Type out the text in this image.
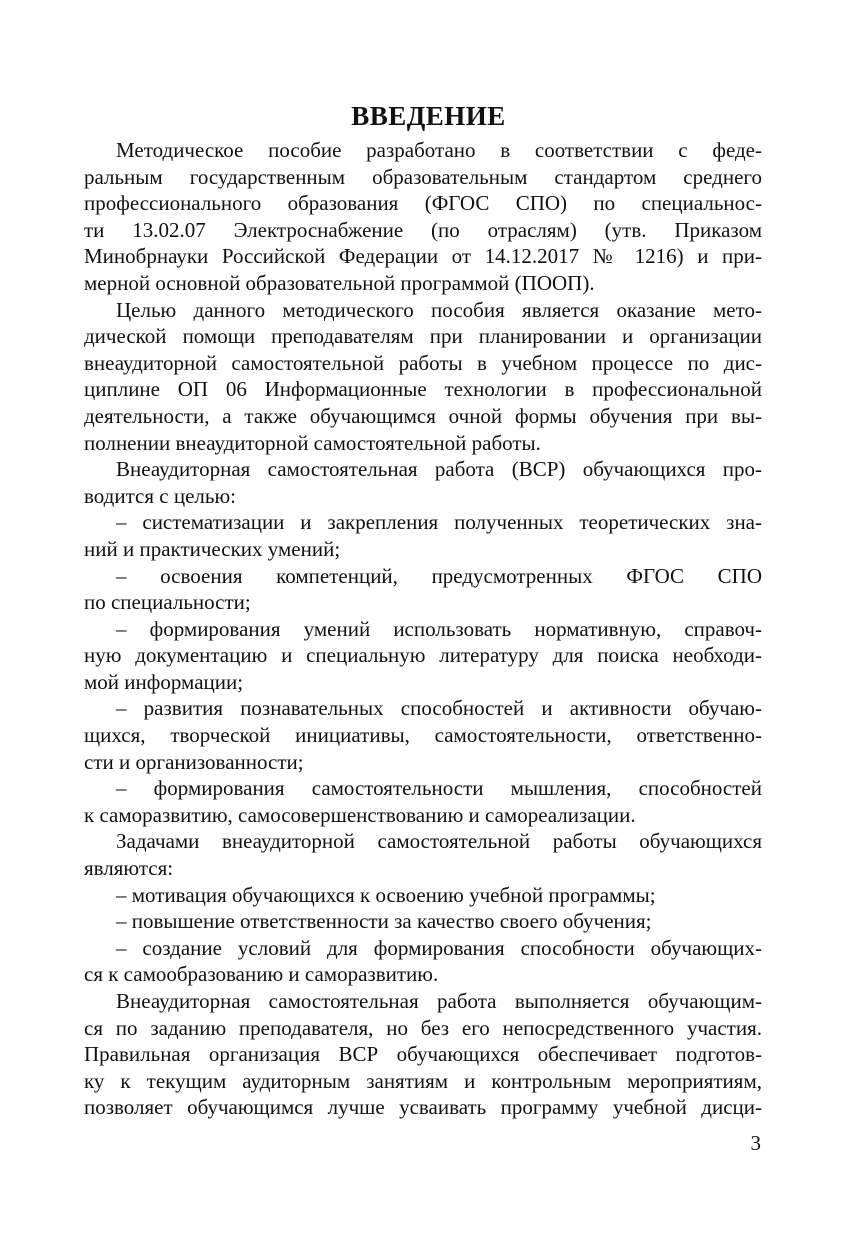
ВВЕДЕНИЕ
Методическое пособие разработано в соответствии с феде-
ральным государственным образовательным стандартом среднего
профессионального образования (ФГОС СПО) по специальнос-
ти 13.02.07 Электроснабжение (по отраслям) (утв. Приказом
Минобрнауки Российской Федерации от 14.12.2017 № 1216) и при-
мерной основной образовательной программой (ПООП).
Целью данного методического пособия является оказание мето-
дической помощи преподавателям при планировании и организации
внеаудиторной самостоятельной работы в учебном процессе по дис-
циплине ОП 06 Информационные технологии в профессиональной
деятельности, а также обучающимся очной формы обучения при вы-
полнении внеаудиторной самостоятельной работы.
Внеаудиторная самостоятельная работа (ВСР) обучающихся про-
водится с целью:
– систематизации и закрепления полученных теоретических зна-
ний и практических умений;
– освоения компетенций, предусмотренных ФГОС СПО
по специальности;
– формирования умений использовать нормативную, справоч-
ную документацию и специальную литературу для поиска необходи-
мой информации;
– развития познавательных способностей и активности обучаю-
щихся, творческой инициативы, самостоятельности, ответственно-
сти и организованности;
– формирования самостоятельности мышления, способностей
к саморазвитию, самосовершенствованию и самореализации.
Задачами внеаудиторной самостоятельной работы обучающихся
являются:
– мотивация обучающихся к освоению учебной программы;
– повышение ответственности за качество своего обучения;
– создание условий для формирования способности обучающих-
ся к самообразованию и саморазвитию.
Внеаудиторная самостоятельная работа выполняется обучающим-
ся по заданию преподавателя, но без его непосредственного участия.
Правильная организация ВСР обучающихся обеспечивает подготов-
ку к текущим аудиторным занятиям и контрольным мероприятиям,
позволяет обучающимся лучше усваивать программу учебной дисци-
3
